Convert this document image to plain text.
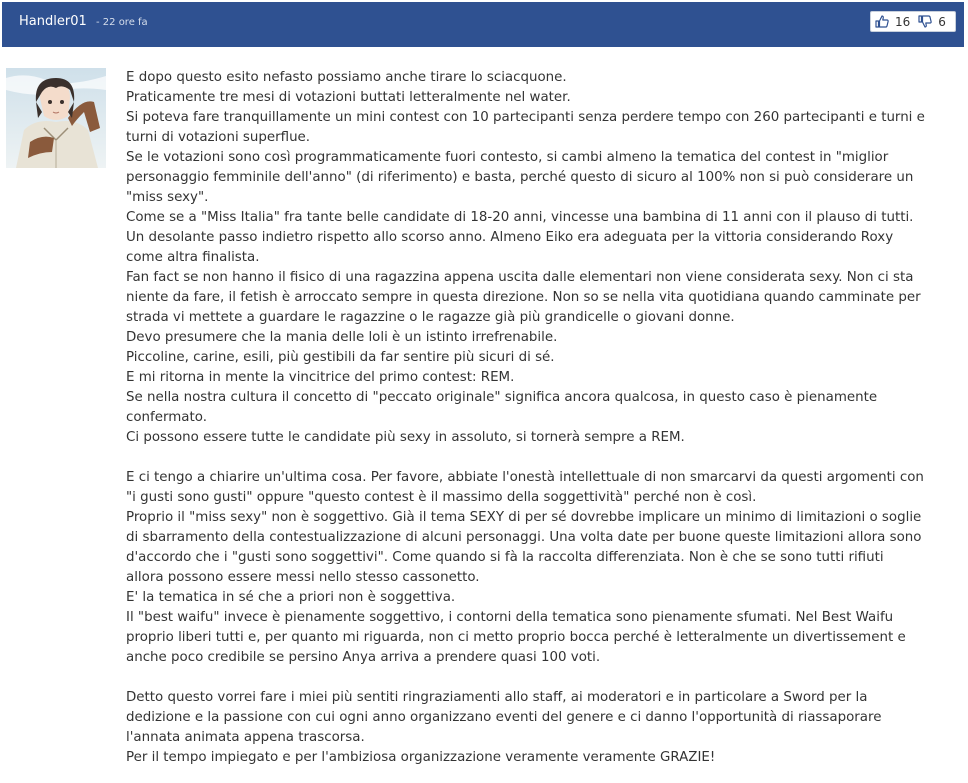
Handler01 - 22 ore fa	16 6

E dopo questo esito nefasto possiamo anche tirare lo sciacquone.
Praticamente tre mesi di votazioni buttati letteralmente nel water.
Si poteva fare tranquillamente un mini contest con 10 partecipanti senza perdere tempo con 260 partecipanti e turni e
turni di votazioni superflue.
Se le votazioni sono così programmaticamente fuori contesto, si cambi almeno la tematica del contest in "miglior
personaggio femminile dell'anno" (di riferimento) e basta, perché questo di sicuro al 100% non si può considerare un
"miss sexy".
Come se a "Miss Italia" fra tante belle candidate di 18-20 anni, vincesse una bambina di 11 anni con il plauso di tutti.
Un desolante passo indietro rispetto allo scorso anno. Almeno Eiko era adeguata per la vittoria considerando Roxy
come altra finalista.
Fan fact se non hanno il fisico di una ragazzina appena uscita dalle elementari non viene considerata sexy. Non ci sta
niente da fare, il fetish è arroccato sempre in questa direzione. Non so se nella vita quotidiana quando camminate per
strada vi mettete a guardare le ragazzine o le ragazze già più grandicelle o giovani donne.
Devo presumere che la mania delle loli è un istinto irrefrenabile.
Piccoline, carine, esili, più gestibili da far sentire più sicuri di sé.
E mi ritorna in mente la vincitrice del primo contest: REM.
Se nella nostra cultura il concetto di "peccato originale" significa ancora qualcosa, in questo caso è pienamente
confermato.
Ci possono essere tutte le candidate più sexy in assoluto, si tornerà sempre a REM.

E ci tengo a chiarire un'ultima cosa. Per favore, abbiate l'onestà intellettuale di non smarcarvi da questi argomenti con
"i gusti sono gusti" oppure "questo contest è il massimo della soggettività" perché non è così.
Proprio il "miss sexy" non è soggettivo. Già il tema SEXY di per sé dovrebbe implicare un minimo di limitazioni o soglie
di sbarramento della contestualizzazione di alcuni personaggi. Una volta date per buone queste limitazioni allora sono
d'accordo che i "gusti sono soggettivi". Come quando si fà la raccolta differenziata. Non è che se sono tutti rifiuti
allora possono essere messi nello stesso cassonetto.
E' la tematica in sé che a priori non è soggettiva.
Il "best waifu" invece è pienamente soggettivo, i contorni della tematica sono pienamente sfumati. Nel Best Waifu
proprio liberi tutti e, per quanto mi riguarda, non ci metto proprio bocca perché è letteralmente un divertissement e
anche poco credibile se persino Anya arriva a prendere quasi 100 voti.

Detto questo vorrei fare i miei più sentiti ringraziamenti allo staff, ai moderatori e in particolare a Sword per la
dedizione e la passione con cui ogni anno organizzano eventi del genere e ci danno l'opportunità di riassaporare
l'annata animata appena trascorsa.
Per il tempo impiegato e per l'ambiziosa organizzazione veramente veramente GRAZIE!
